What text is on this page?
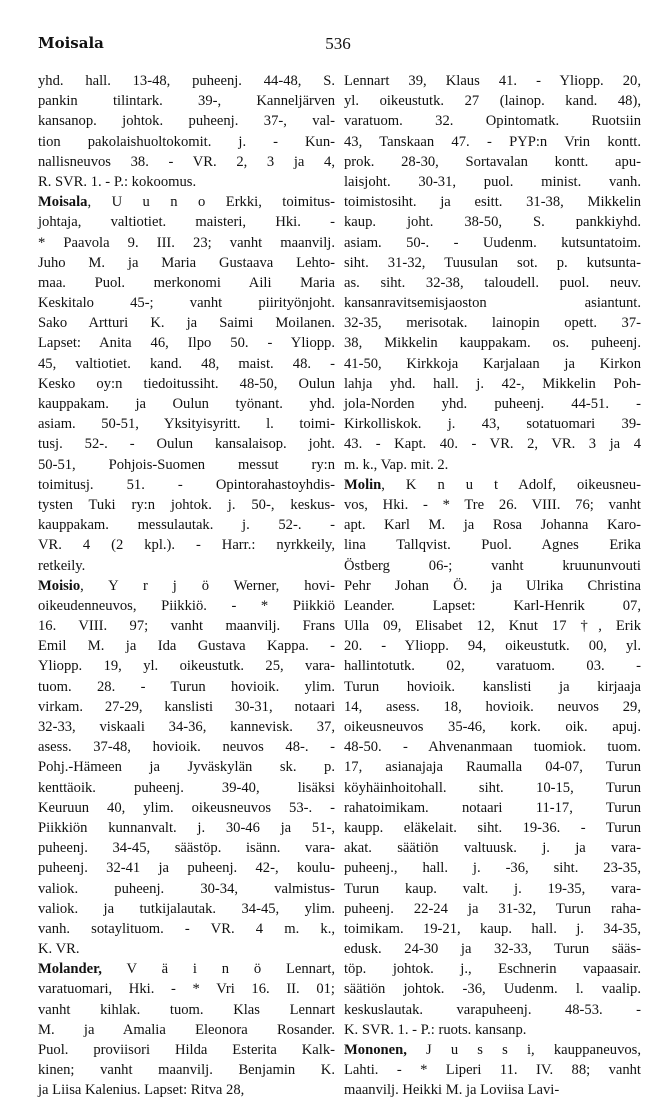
Moisala	536
yhd. hall. 13-48, puheenj. 44-48, S.
pankin tilintark. 39-, Kanneljärven
kansanop. johtok. puheenj. 37-, val-
tion pakolaishuoltokomit. j. - Kun-
nallisneuvos 38. - VR. 2, 3 ja 4,
R. SVR. 1. - P.: kokoomus.
Moisala, U u n o Erkki, toimitus-
johtaja, valtiotiet. maisteri, Hki. -
* Paavola 9. III. 23; vanht maanvilj.
Juho M. ja Maria Gustaava Lehto-
maa. Puol. merkonomi Aili Maria
Keskitalo 45-; vanht piirityönjoht.
Sako Artturi K. ja Saimi Moilanen.
Lapset: Anita 46, Ilpo 50. - Yliopp.
45, valtiotiet. kand. 48, maist. 48. -
Kesko oy:n tiedoitussiht. 48-50, Oulun
kauppakam. ja Oulun työnant. yhd.
asiam. 50-51, Yksityisyritt. l. toimi-
tusj. 52-. - Oulun kansalaisop. joht.
50-51, Pohjois-Suomen messut ry:n
toimitusj. 51. - Opintorahastoyhdis-
tysten Tuki ry:n johtok. j. 50-, keskus-
kauppakam. messulautak. j. 52-. -
VR. 4 (2 kpl.). - Harr.: nyrkkeily,
retkeily.
Moisio, Y r j ö Werner, hovi-
oikeudenneuvos, Piikkiö. - * Piikkiö
16. VIII. 97; vanht maanvilj. Frans
Emil M. ja Ida Gustava Kappa. -
Yliopp. 19, yl. oikeustutk. 25, vara-
tuom. 28. - Turun hovioik. ylim.
virkam. 27-29, kanslisti 30-31, notaari
32-33, viskaali 34-36, kannevisk. 37,
asess. 37-48, hovioik. neuvos 48-. -
Pohj.-Hämeen ja Jyväskylän sk. p.
kenttäoik. puheenj. 39-40, lisäksi
Keuruun 40, ylim. oikeusneuvos 53-. -
Piikkiön kunnanvalt. j. 30-46 ja 51-,
puheenj. 34-45, säästöp. isänn. vara-
puheenj. 32-41 ja puheenj. 42-, koulu-
valiok. puheenj. 30-34, valmistus-
valiok. ja tutkijalautak. 34-45, ylim.
vanh. sotaylituom. - VR. 4 m. k.,
K. VR.
Molander, V ä i n ö Lennart,
varatuomari, Hki. - * Vri 16. II. 01;
vanht kihlak. tuom. Klas Lennart
M. ja Amalia Eleonora Rosander.
Puol. proviisori Hilda Esterita Kalk-
kinen; vanht maanvilj. Benjamin K.
ja Liisa Kalenius. Lapset: Ritva 28,
Lennart 39, Klaus 41. - Yliopp. 20,
yl. oikeustutk. 27 (lainop. kand. 48),
varatuom. 32. Opintomatk. Ruotsiin
43, Tanskaan 47. - PYP:n Vrin kontt.
prok. 28-30, Sortavalan kontt. apu-
laisjoht. 30-31, puol. minist. vanh.
toimistosiht. ja esitt. 31-38, Mikkelin
kaup. joht. 38-50, S. pankkiyhd.
asiam. 50-. - Uudenm. kutsuntatoim.
siht. 31-32, Tuusulan sot. p. kutsunta-
as. siht. 32-38, taloudell. puol. neuv.
kansanravitsemisjaoston asiantunt.
32-35, merisotak. lainopin opett. 37-
38, Mikkelin kauppakam. os. puheenj.
41-50, Kirkkoja Karjalaan ja Kirkon
lahja yhd. hall. j. 42-, Mikkelin Poh-
jola-Norden yhd. puheenj. 44-51. -
Kirkolliskok. j. 43, sotatuomari 39-
43. - Kapt. 40. - VR. 2, VR. 3 ja 4
m. k., Vap. mit. 2.
Molin, K n u t Adolf, oikeusneu-
vos, Hki. - * Tre 26. VIII. 76; vanht
apt. Karl M. ja Rosa Johanna Karo-
lina Tallqvist. Puol. Agnes Erika
Östberg 06-; vanht kruununvouti
Pehr Johan Ö. ja Ulrika Christina
Leander. Lapset: Karl-Henrik 07,
Ulla 09, Elisabet 12, Knut 17 †, Erik
20. - Yliopp. 94, oikeustutk. 00, yl.
hallintotutk. 02, varatuom. 03. -
Turun hovioik. kanslisti ja kirjaaja
14, asess. 18, hovioik. neuvos 29,
oikeusneuvos 35-46, kork. oik. apuj.
48-50. - Ahvenanmaan tuomiok. tuom.
17, asianajaja Raumalla 04-07, Turun
köyhäinhoitohall. siht. 10-15, Turun
rahatoimikam. notaari 11-17, Turun
kaupp. eläkelait. siht. 19-36. - Turun
akat. säätiön valtuusk. j. ja vara-
puheenj., hall. j. -36, siht. 23-35,
Turun kaup. valt. j. 19-35, vara-
puheenj. 22-24 ja 31-32, Turun raha-
toimikam. 19-21, kaup. hall. j. 34-35,
edusk. 24-30 ja 32-33, Turun sääs-
töp. johtok. j., Eschnerin vapaasair.
säätiön johtok. -36, Uudenm. l. vaalip.
keskuslautak. varapuheenj. 48-53. -
K. SVR. 1. - P.: ruots. kansanp.
Mononen, J u s s i, kauppaneuvos,
Lahti. - * Liperi 11. IV. 88; vanht
maanvilj. Heikki M. ja Loviisa Lavi-
